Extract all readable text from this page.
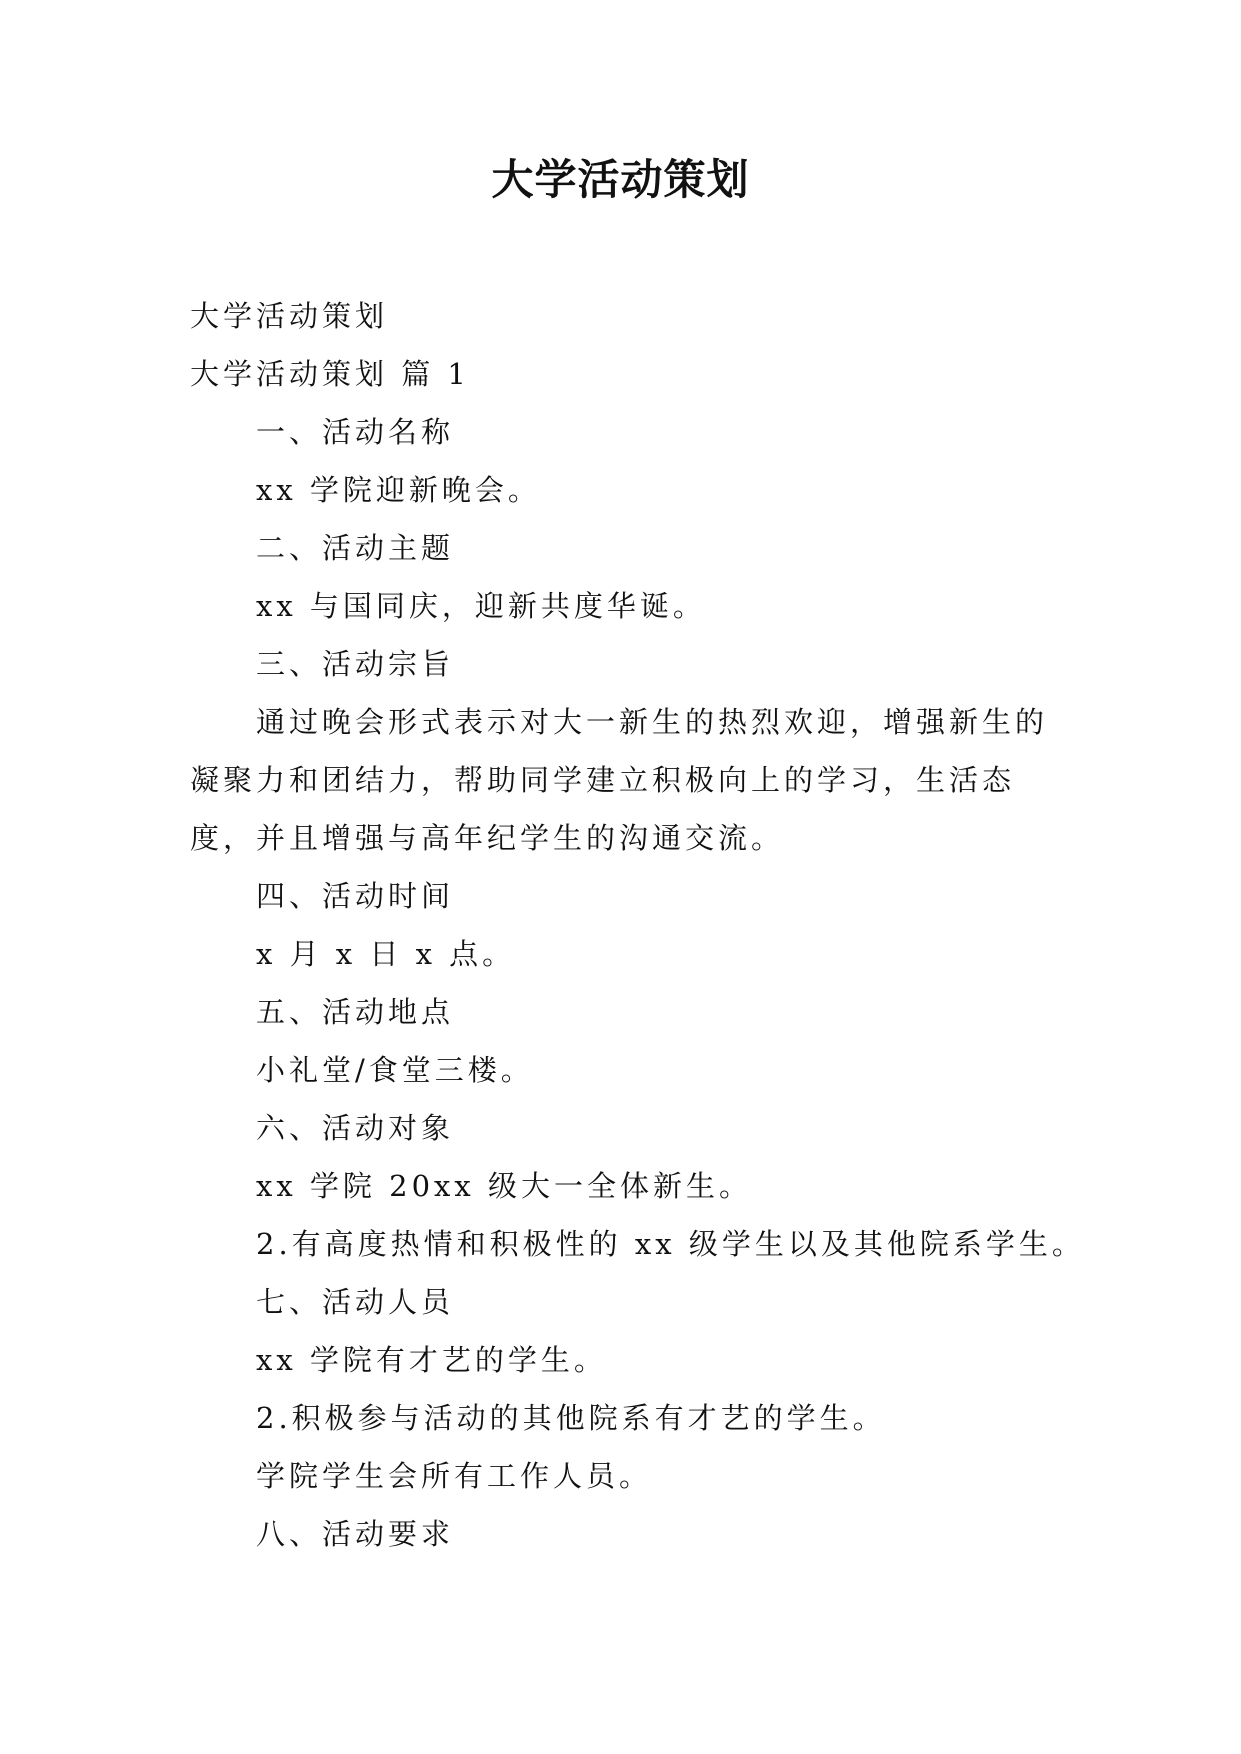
大学活动策划

大学活动策划

大学活动策划 篇 1

一、活动名称

xx 学院迎新晚会。

二、活动主题

xx 与国同庆，迎新共度华诞。

三、活动宗旨

通过晚会形式表示对大一新生的热烈欢迎，增强新生的凝聚力和团结力，帮助同学建立积极向上的学习，生活态度，并且增强与高年纪学生的沟通交流。

四、活动时间

x 月 x 日 x 点。

五、活动地点

小礼堂/食堂三楼。

六、活动对象

xx 学院 20xx 级大一全体新生。

2.有高度热情和积极性的 xx 级学生以及其他院系学生。

七、活动人员

xx 学院有才艺的学生。

2.积极参与活动的其他院系有才艺的学生。

学院学生会所有工作人员。

八、活动要求
